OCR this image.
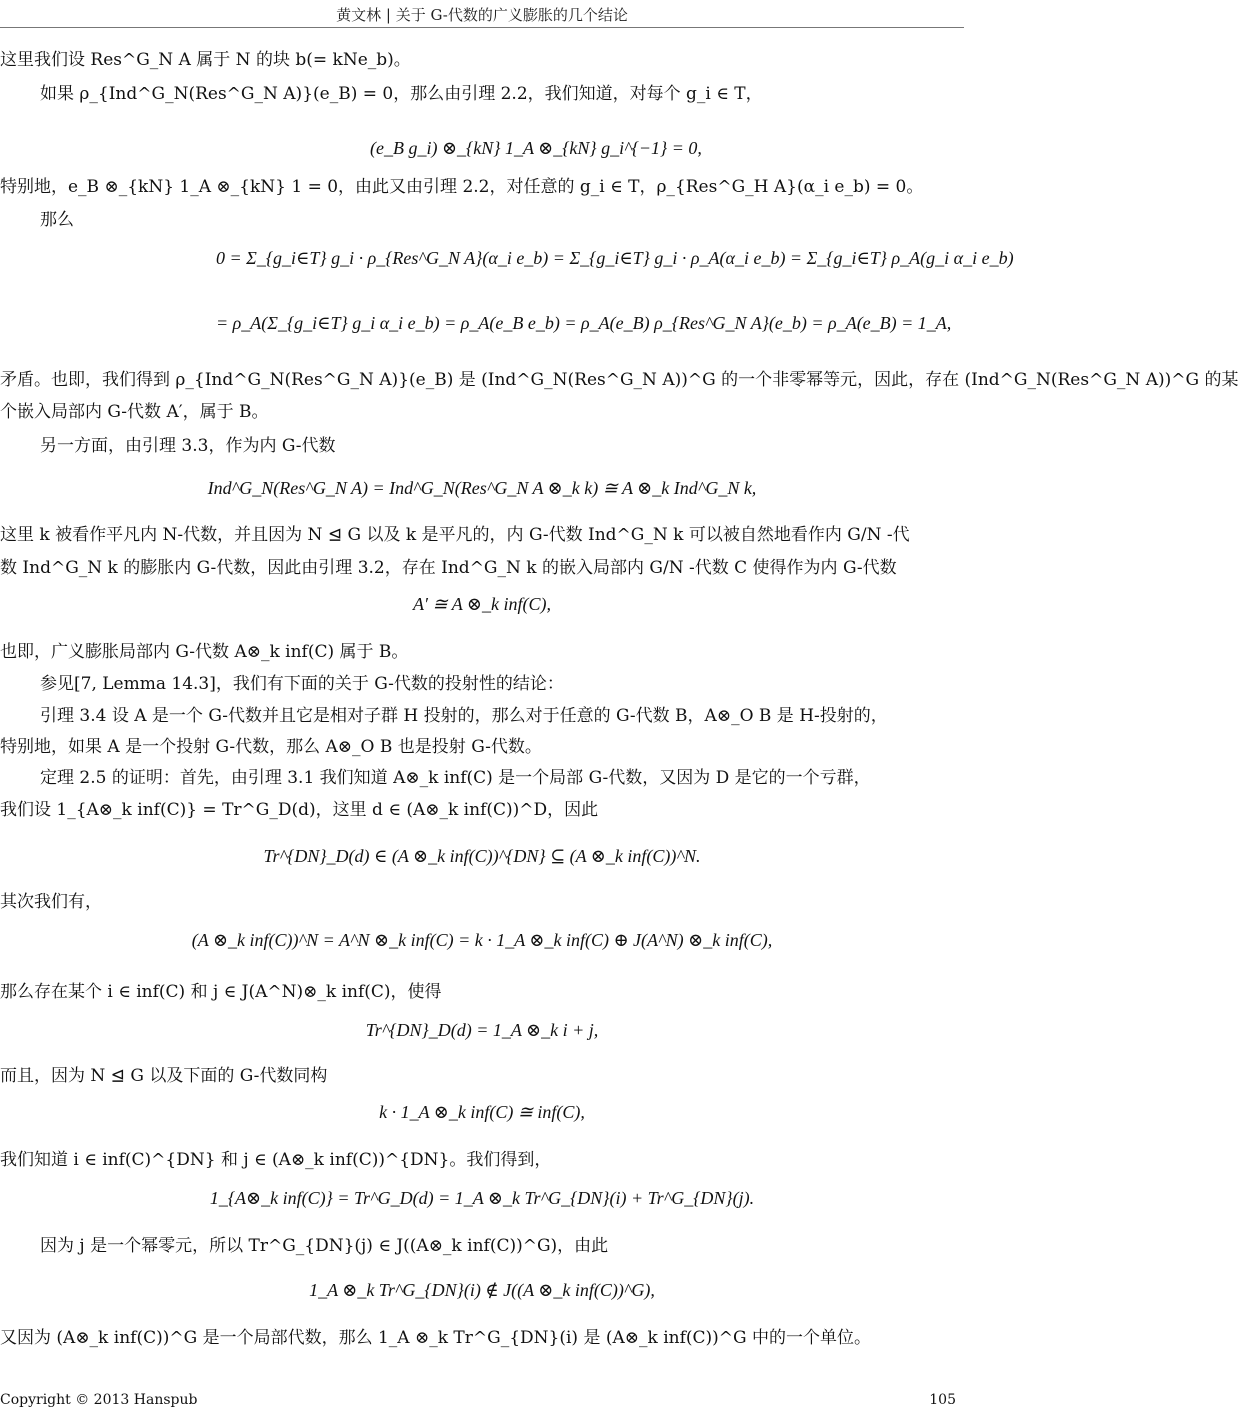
黄文林 | 关于 G-代数的广义膨胀的几个结论
这里我们设 Res^G_N A 属于 N 的块 b(= kNe_b)。
如果 ρ_{Ind^G_N(Res^G_N A)}(e_B) = 0，那么由引理 2.2，我们知道，对每个 g_i ∈ T，
特别地，e_B ⊗_{kN} 1_A ⊗_{kN} 1 = 0，由此又由引理 2.2，对任意的 g_i ∈ T，ρ_{Res^G_H A}(α_i e_b) = 0。
那么
矛盾。也即，我们得到 ρ_{Ind^G_N(Res^G_N A)}(e_B) 是 (Ind^G_N(Res^G_N A))^G 的一个非零幂等元，因此，存在 (Ind^G_N(Res^G_N A))^G 的某
个嵌入局部内 G-代数 A′，属于 B。
另一方面，由引理 3.3，作为内 G-代数
这里 k 被看作平凡内 N-代数，并且因为 N ⊴ G 以及 k 是平凡的，内 G-代数 Ind^G_N k 可以被自然地看作内 G/N -代
数 Ind^G_N k 的膨胀内 G-代数，因此由引理 3.2，存在 Ind^G_N k 的嵌入局部内 G/N -代数 C 使得作为内 G-代数
也即，广义膨胀局部内 G-代数 A⊗_k inf(C) 属于 B。
参见[7, Lemma 14.3]，我们有下面的关于 G-代数的投射性的结论：
引理 3.4 设 A 是一个 G-代数并且它是相对子群 H 投射的，那么对于任意的 G-代数 B，A⊗_O B 是 H-投射的，
特别地，如果 A 是一个投射 G-代数，那么 A⊗_O B 也是投射 G-代数。
定理 2.5 的证明：首先，由引理 3.1 我们知道 A⊗_k inf(C) 是一个局部 G-代数，又因为 D 是它的一个亏群，
我们设 1_{A⊗_k inf(C)} = Tr^G_D(d)，这里 d ∈ (A⊗_k inf(C))^D，因此
其次我们有，
那么存在某个 i ∈ inf(C) 和 j ∈ J(A^N)⊗_k inf(C)，使得
而且，因为 N ⊴ G 以及下面的 G-代数同构
我们知道 i ∈ inf(C)^{DN} 和 j ∈ (A⊗_k inf(C))^{DN}。我们得到，
因为 j 是一个幂零元，所以 Tr^G_{DN}(j) ∈ J((A⊗_k inf(C))^G)，由此
又因为 (A⊗_k inf(C))^G 是一个局部代数，那么 1_A ⊗_k Tr^G_{DN}(i) 是 (A⊗_k inf(C))^G 中的一个单位。
(e_B g_i) ⊗_{kN} 1_A ⊗_{kN} g_i^{−1} = 0,
0 = Σ_{g_i∈T} g_i · ρ_{Res^G_N A}(α_i e_b) = Σ_{g_i∈T} g_i · ρ_A(α_i e_b) = Σ_{g_i∈T} ρ_A(g_i α_i e_b)
= ρ_A(Σ_{g_i∈T} g_i α_i e_b) = ρ_A(e_B e_b) = ρ_A(e_B) ρ_{Res^G_N A}(e_b) = ρ_A(e_B) = 1_A,
Ind^G_N(Res^G_N A) = Ind^G_N(Res^G_N A ⊗_k k) ≅ A ⊗_k Ind^G_N k,
A′ ≅ A ⊗_k inf(C),
Tr^{DN}_D(d) ∈ (A ⊗_k inf(C))^{DN} ⊆ (A ⊗_k inf(C))^N.
(A ⊗_k inf(C))^N = A^N ⊗_k inf(C) = k · 1_A ⊗_k inf(C) ⊕ J(A^N) ⊗_k inf(C),
Tr^{DN}_D(d) = 1_A ⊗_k i + j,
k · 1_A ⊗_k inf(C) ≅ inf(C),
1_{A⊗_k inf(C)} = Tr^G_D(d) = 1_A ⊗_k Tr^G_{DN}(i) + Tr^G_{DN}(j).
1_A ⊗_k Tr^G_{DN}(i) ∉ J((A ⊗_k inf(C))^G),
Copyright © 2013 Hanspub	105
